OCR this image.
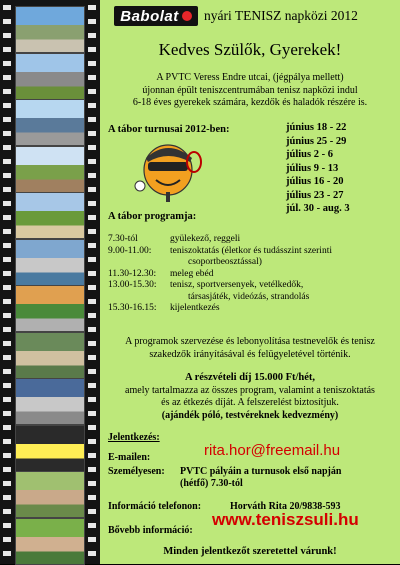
Babolat nyári TENISZ napközi 2012
Kedves Szülők, Gyerekek!
A PVTC Veress Endre utcai, (jégpálya mellett)
újonnan épült teniszcentrumában tenisz napközi indul
6-18 éves gyerekek számára, kezdők és haladók részére is.
A tábor turnusai 2012-ben:	június 18 - 22
június 25 - 29
július 2 - 6
július 9 - 13
július 16 - 20
július 23 - 27
júl. 30 - aug. 3
A tábor programja:
7.30-tól	gyülekező, reggeli
9.00-11.00:	teniszoktatás (életkor és tudásszint szerinti
csoportbeosztással)
11.30-12.30:	meleg ebéd
13.00-15.30:	tenisz, sportversenyek, vetélkedők,
társasjáték, videózás, strandolás
15.30-16.15:	kijelentkezés
A programok szervezése és lebonyolítása testnevelők és tenisz
szakedzők irányításával és felügyeletével történik.
A részvételi díj 15.000 Ft/hét,
amely tartalmazza az összes program, valamint a teniszoktatás
és az étkezés díját. A felszerelést biztosítjuk.
(ajándék póló, testvéreknek kedvezmény)
Jelentkezés:
E-mailen:	rita.hor@freemail.hu
Személyesen: PVTC pályáin a turnusok első napján
(hétfő) 7.30-tól
Információ telefonon:	Horváth Rita 20/9838-593
Bővebb információ:
www.teniszsuli.hu
Minden jelentkezőt szeretettel várunk!
